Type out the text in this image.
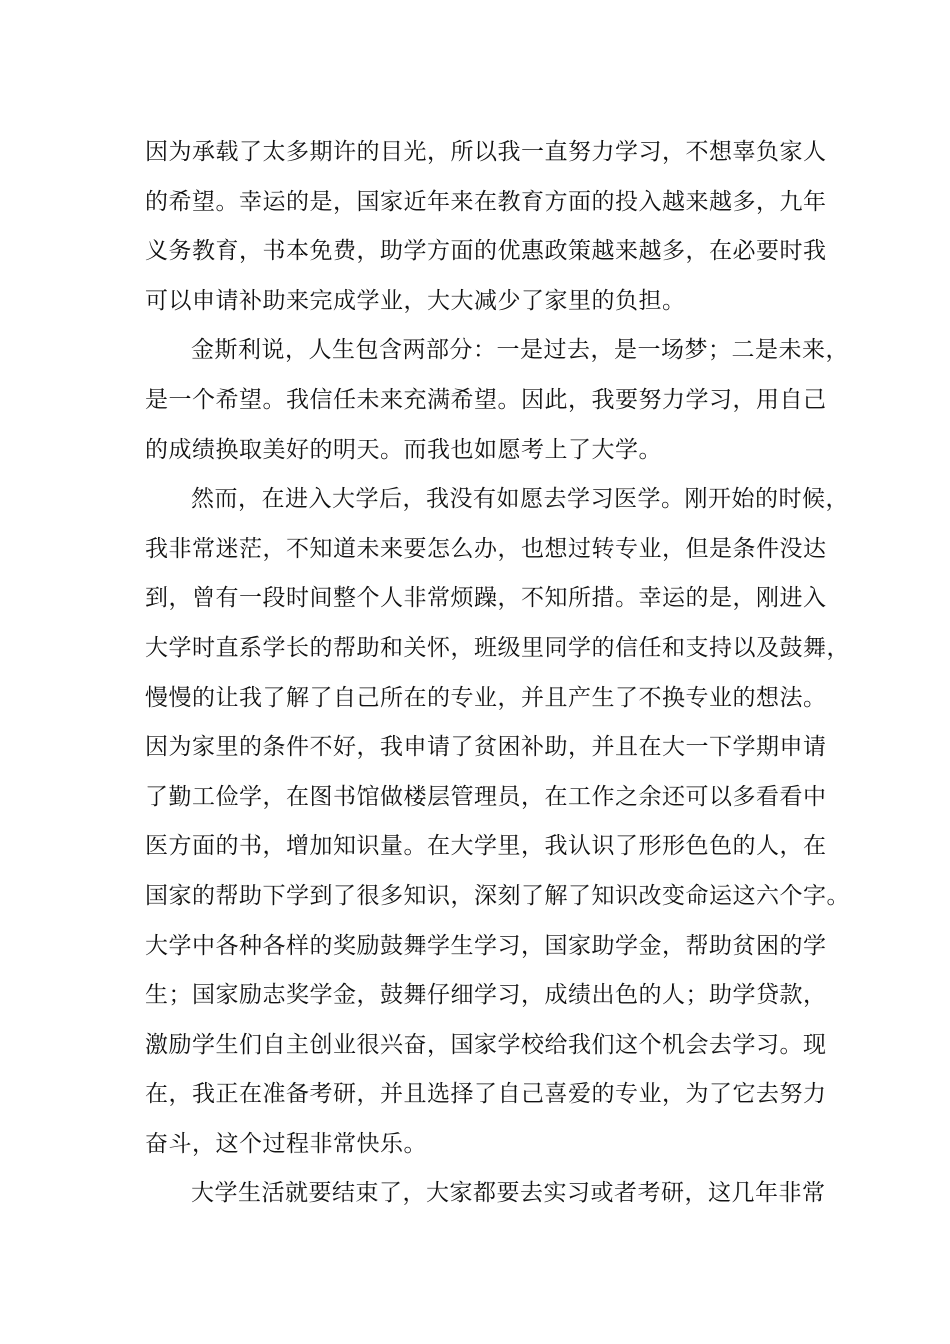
因为承载了太多期许的目光，所以我一直努力学习，不想辜负家人
的希望。幸运的是，国家近年来在教育方面的投入越来越多，九年
义务教育，书本免费，助学方面的优惠政策越来越多，在必要时我
可以申请补助来完成学业，大大减少了家里的负担。
金斯利说，人生包含两部分：一是过去，是一场梦；二是未来，
是一个希望。我信任未来充满希望。因此，我要努力学习，用自己
的成绩换取美好的明天。而我也如愿考上了大学。
然而，在进入大学后，我没有如愿去学习医学。刚开始的时候，
我非常迷茫，不知道未来要怎么办，也想过转专业，但是条件没达
到，曾有一段时间整个人非常烦躁，不知所措。幸运的是，刚进入
大学时直系学长的帮助和关怀，班级里同学的信任和支持以及鼓舞，
慢慢的让我了解了自己所在的专业，并且产生了不换专业的想法。
因为家里的条件不好，我申请了贫困补助，并且在大一下学期申请
了勤工俭学，在图书馆做楼层管理员，在工作之余还可以多看看中
医方面的书，增加知识量。在大学里，我认识了形形色色的人，在
国家的帮助下学到了很多知识，深刻了解了知识改变命运这六个字。
大学中各种各样的奖励鼓舞学生学习，国家助学金，帮助贫困的学
生；国家励志奖学金，鼓舞仔细学习，成绩出色的人；助学贷款，
激励学生们自主创业很兴奋，国家学校给我们这个机会去学习。现
在，我正在准备考研，并且选择了自己喜爱的专业，为了它去努力
奋斗，这个过程非常快乐。
大学生活就要结束了，大家都要去实习或者考研，这几年非常
